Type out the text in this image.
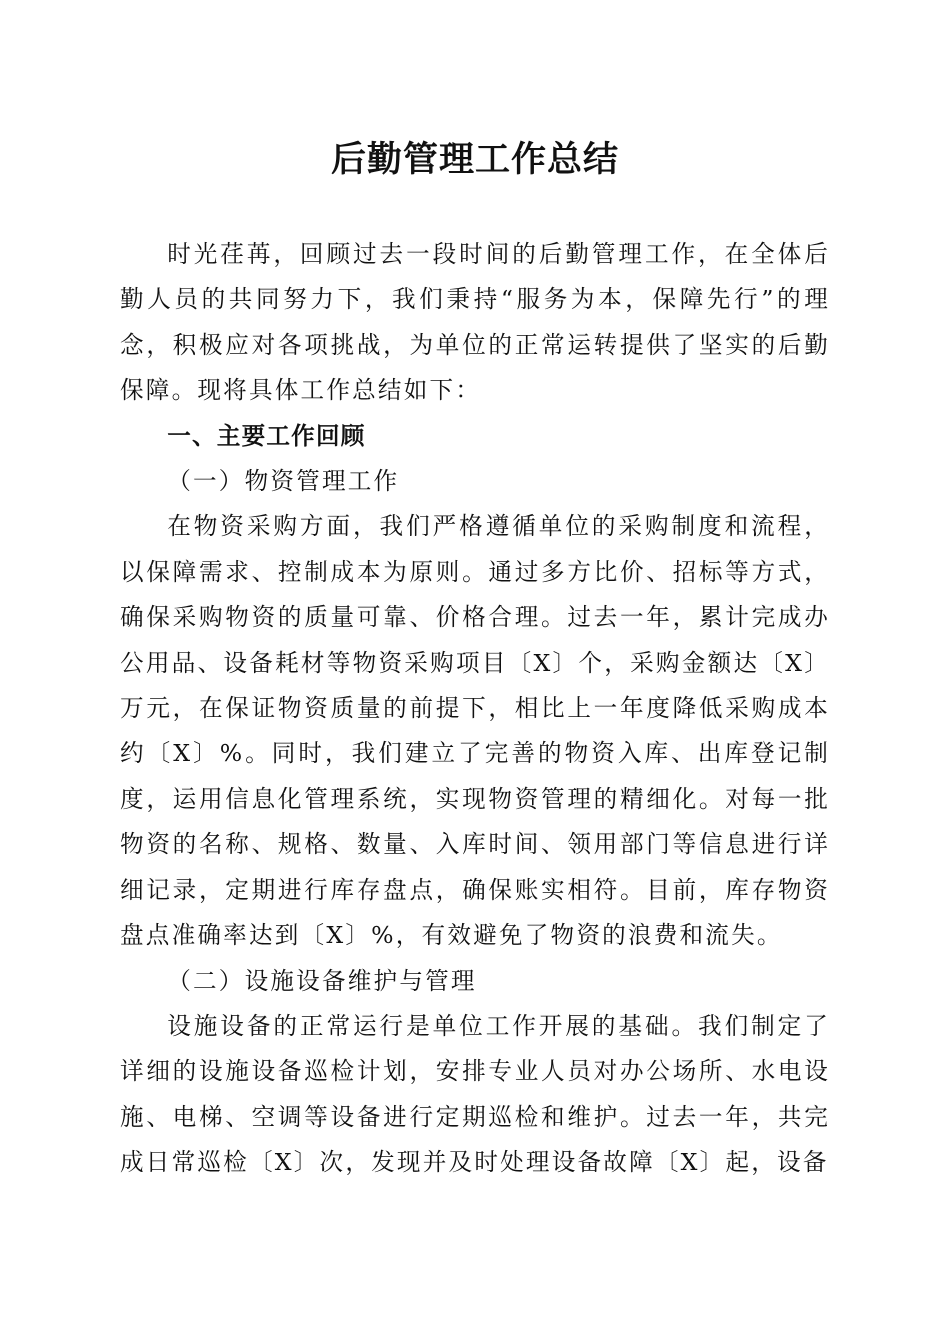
后勤管理工作总结

时光荏苒，回顾过去一段时间的后勤管理工作，在全体后勤人员的共同努力下，我们秉持“服务为本，保障先行”的理念，积极应对各项挑战，为单位的正常运转提供了坚实的后勤保障。现将具体工作总结如下：

一、主要工作回顾

（一）物资管理工作

在物资采购方面，我们严格遵循单位的采购制度和流程，以保障需求、控制成本为原则。通过多方比价、招标等方式，确保采购物资的质量可靠、价格合理。过去一年，累计完成办公用品、设备耗材等物资采购项目〔X〕个，采购金额达〔X〕万元，在保证物资质量的前提下，相比上一年度降低采购成本约〔X〕%。同时，我们建立了完善的物资入库、出库登记制度，运用信息化管理系统，实现物资管理的精细化。对每一批物资的名称、规格、数量、入库时间、领用部门等信息进行详细记录，定期进行库存盘点，确保账实相符。目前，库存物资盘点准确率达到〔X〕%，有效避免了物资的浪费和流失。

（二）设施设备维护与管理

设施设备的正常运行是单位工作开展的基础。我们制定了详细的设施设备巡检计划，安排专业人员对办公场所、水电设施、电梯、空调等设备进行定期巡检和维护。过去一年，共完成日常巡检〔X〕次，发现并及时处理设备故障〔X〕起，设备
